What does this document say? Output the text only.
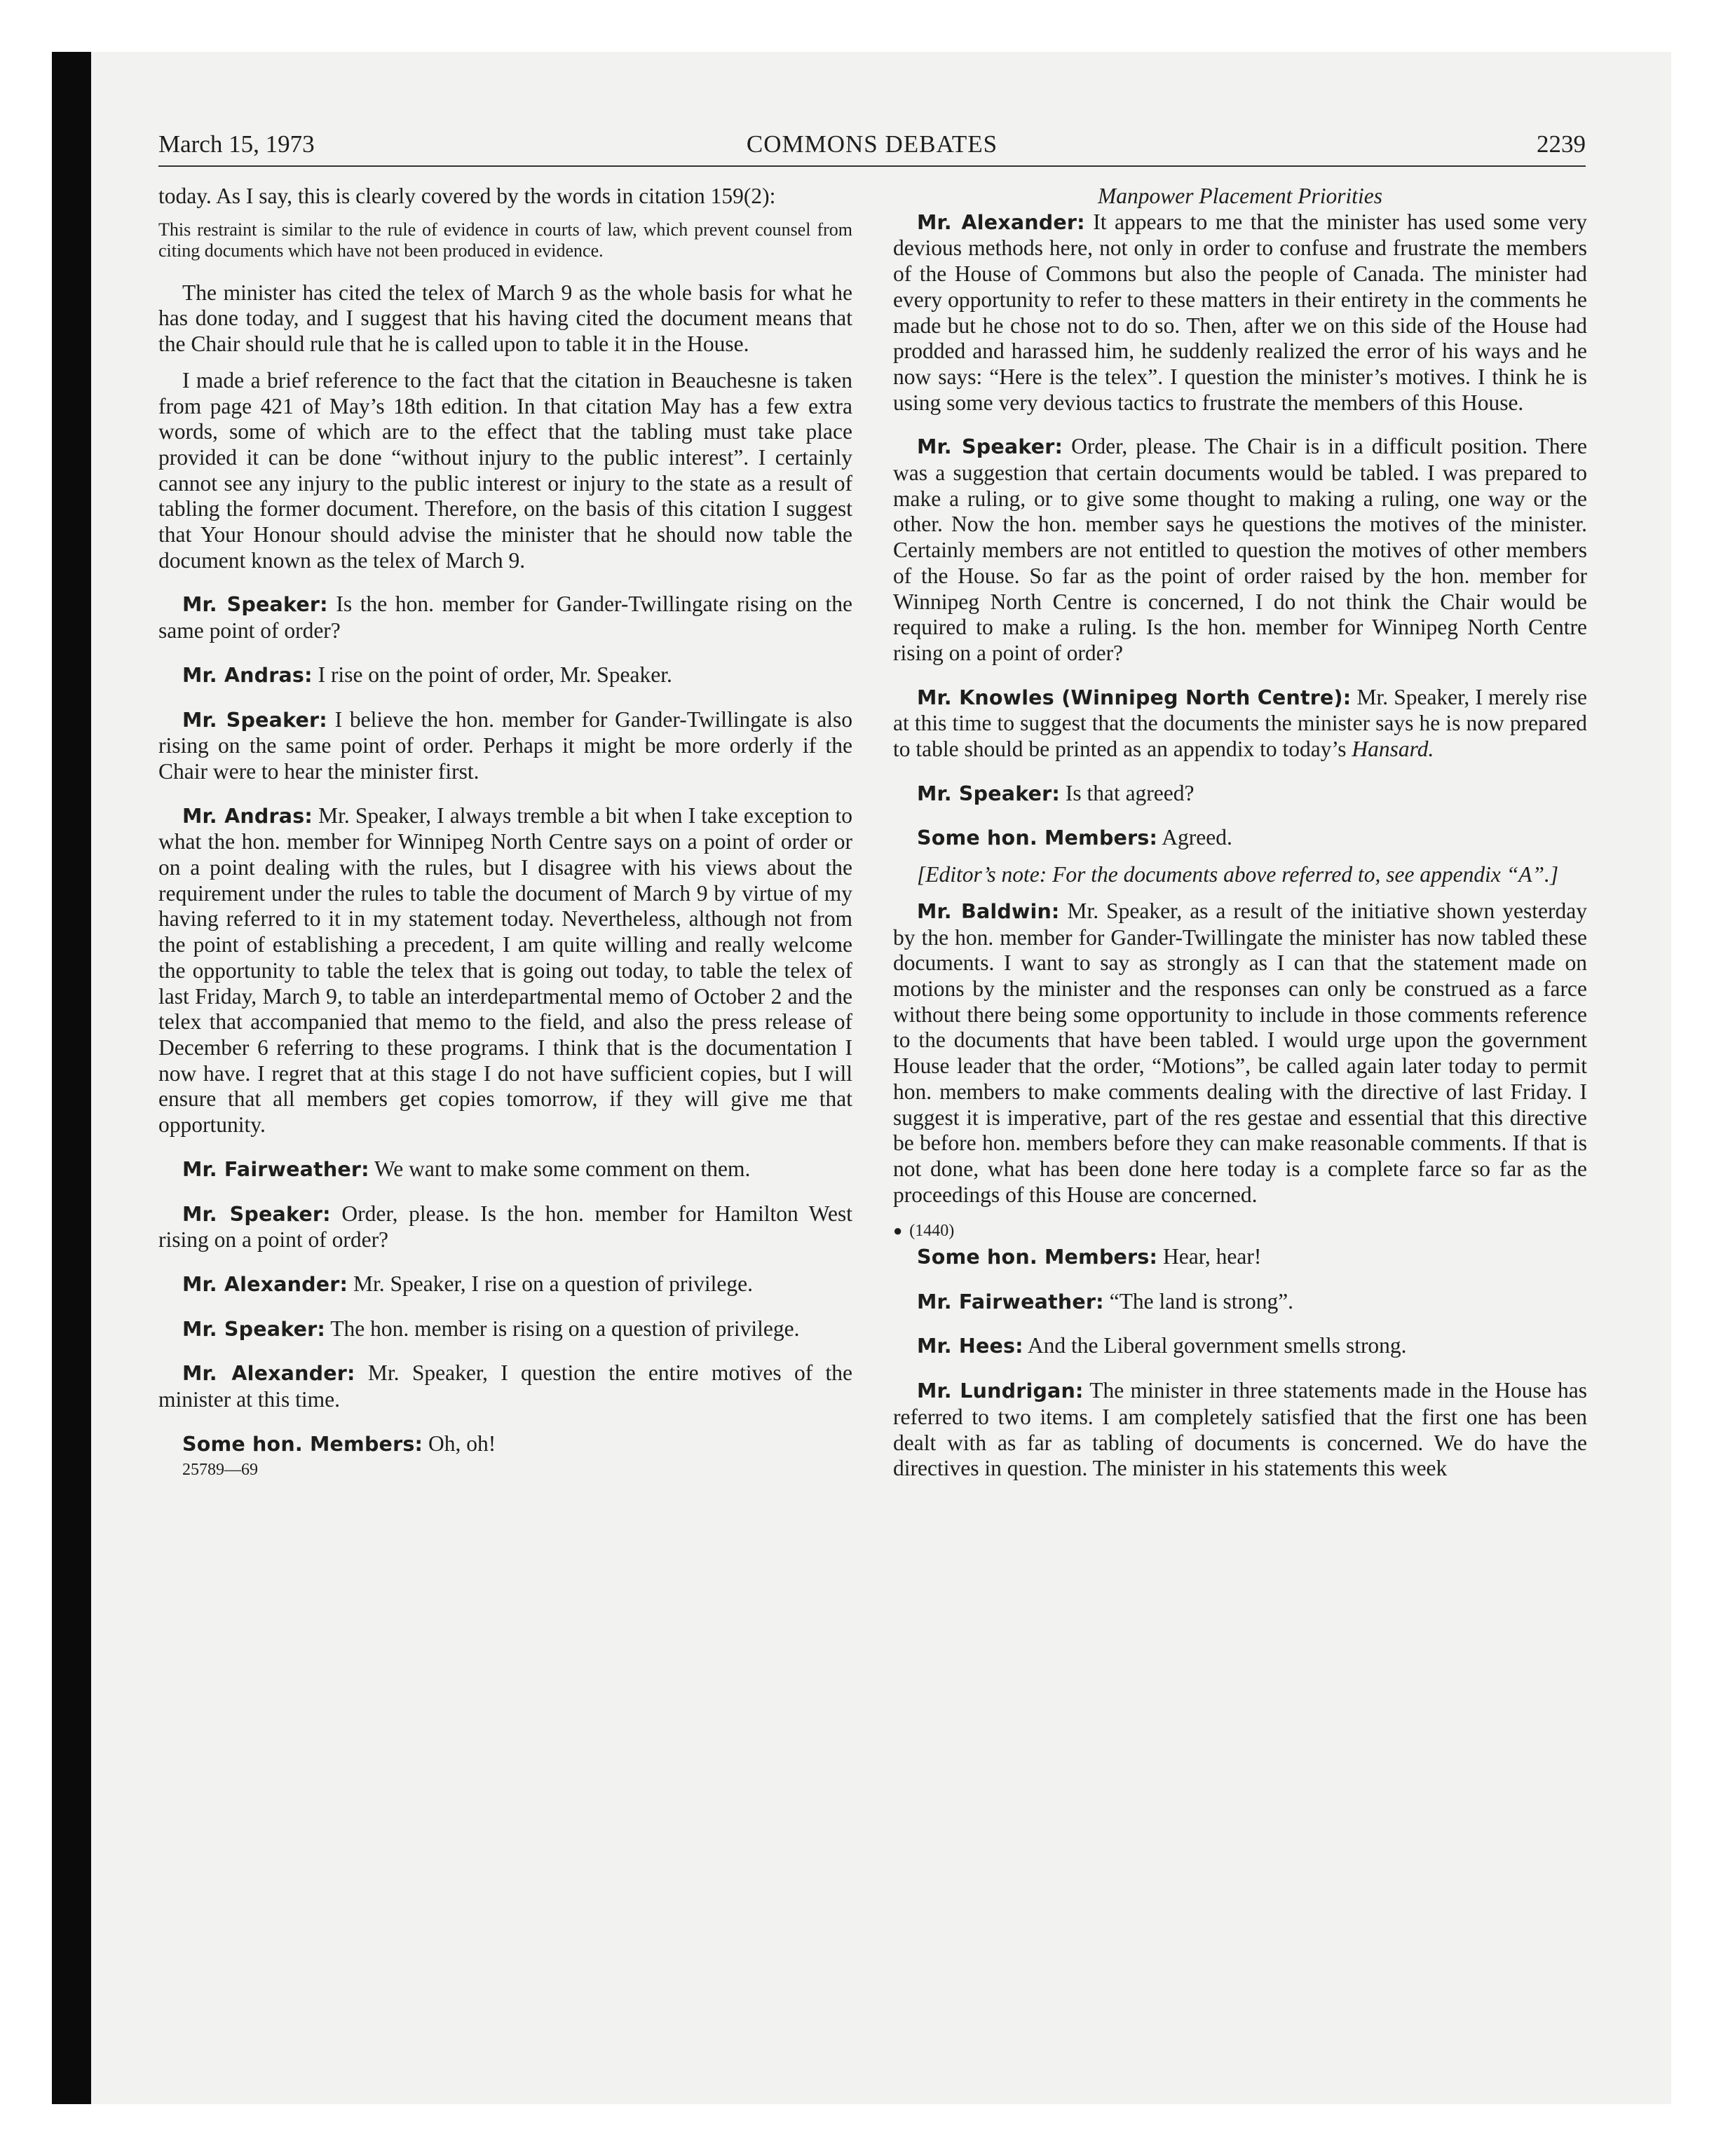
March 15, 1973	COMMONS DEBATES	2239

today. As I say, this is clearly covered by the words in citation 159(2):

This restraint is similar to the rule of evidence in courts of law, which prevent counsel from citing documents which have not been produced in evidence.

The minister has cited the telex of March 9 as the whole basis for what he has done today, and I suggest that his having cited the document means that the Chair should rule that he is called upon to table it in the House.

I made a brief reference to the fact that the citation in Beauchesne is taken from page 421 of May’s 18th edition. In that citation May has a few extra words, some of which are to the effect that the tabling must take place provided it can be done “without injury to the public interest”. I certainly cannot see any injury to the public interest or injury to the state as a result of tabling the former document. Therefore, on the basis of this citation I suggest that Your Honour should advise the minister that he should now table the document known as the telex of March 9.

Mr. Speaker: Is the hon. member for Gander-Twillingate rising on the same point of order?

Mr. Andras: I rise on the point of order, Mr. Speaker.

Mr. Speaker: I believe the hon. member for Gander-Twillingate is also rising on the same point of order. Perhaps it might be more orderly if the Chair were to hear the minister first.

Mr. Andras: Mr. Speaker, I always tremble a bit when I take exception to what the hon. member for Winnipeg North Centre says on a point of order or on a point dealing with the rules, but I disagree with his views about the requirement under the rules to table the document of March 9 by virtue of my having referred to it in my statement today. Nevertheless, although not from the point of establishing a precedent, I am quite willing and really welcome the opportunity to table the telex that is going out today, to table the telex of last Friday, March 9, to table an interdepartmental memo of October 2 and the telex that accompanied that memo to the field, and also the press release of December 6 referring to these programs. I think that is the documentation I now have. I regret that at this stage I do not have sufficient copies, but I will ensure that all members get copies tomorrow, if they will give me that opportunity.

Mr. Fairweather: We want to make some comment on them.

Mr. Speaker: Order, please. Is the hon. member for Hamilton West rising on a point of order?

Mr. Alexander: Mr. Speaker, I rise on a question of privilege.

Mr. Speaker: The hon. member is rising on a question of privilege.

Mr. Alexander: Mr. Speaker, I question the entire motives of the minister at this time.

Some hon. Members: Oh, oh!

25789—69

Manpower Placement Priorities

Mr. Alexander: It appears to me that the minister has used some very devious methods here, not only in order to confuse and frustrate the members of the House of Commons but also the people of Canada. The minister had every opportunity to refer to these matters in their entirety in the comments he made but he chose not to do so. Then, after we on this side of the House had prodded and harassed him, he suddenly realized the error of his ways and he now says: “Here is the telex”. I question the minister’s motives. I think he is using some very devious tactics to frustrate the members of this House.

Mr. Speaker: Order, please. The Chair is in a difficult position. There was a suggestion that certain documents would be tabled. I was prepared to make a ruling, or to give some thought to making a ruling, one way or the other. Now the hon. member says he questions the motives of the minister. Certainly members are not entitled to question the motives of other members of the House. So far as the point of order raised by the hon. member for Winnipeg North Centre is concerned, I do not think the Chair would be required to make a ruling. Is the hon. member for Winnipeg North Centre rising on a point of order?

Mr. Knowles (Winnipeg North Centre): Mr. Speaker, I merely rise at this time to suggest that the documents the minister says he is now prepared to table should be printed as an appendix to today’s Hansard.

Mr. Speaker: Is that agreed?

Some hon. Members: Agreed.

[Editor’s note: For the documents above referred to, see appendix “A”.]

Mr. Baldwin: Mr. Speaker, as a result of the initiative shown yesterday by the hon. member for Gander-Twillingate the minister has now tabled these documents. I want to say as strongly as I can that the statement made on motions by the minister and the responses can only be construed as a farce without there being some opportunity to include in those comments reference to the documents that have been tabled. I would urge upon the government House leader that the order, “Motions”, be called again later today to permit hon. members to make comments dealing with the directive of last Friday. I suggest it is imperative, part of the res gestae and essential that this directive be before hon. members before they can make reasonable comments. If that is not done, what has been done here today is a complete farce so far as the proceedings of this House are concerned.

● (1440)

Some hon. Members: Hear, hear!

Mr. Fairweather: “The land is strong”.

Mr. Hees: And the Liberal government smells strong.

Mr. Lundrigan: The minister in three statements made in the House has referred to two items. I am completely satisfied that the first one has been dealt with as far as tabling of documents is concerned. We do have the directives in question. The minister in his statements this week
